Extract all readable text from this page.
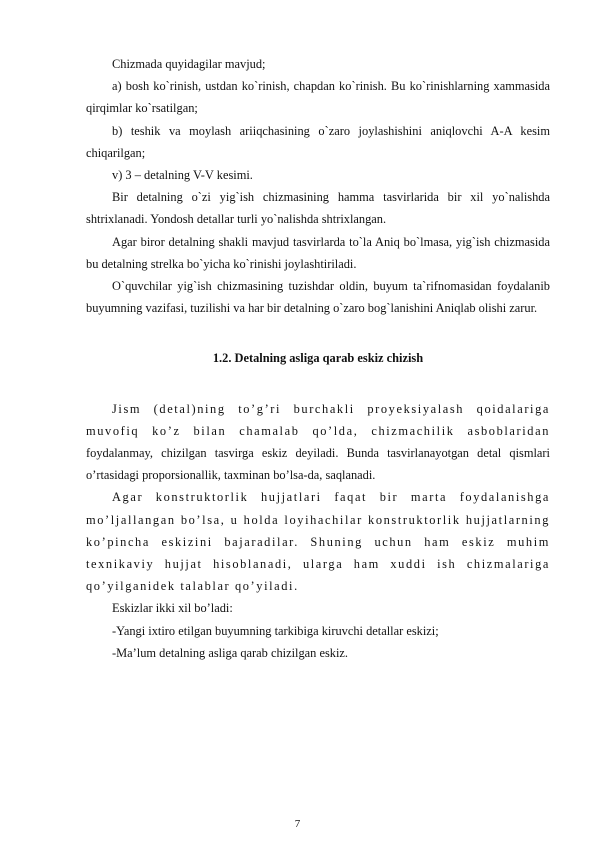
Chizmada quyidagilar mavjud;

a) bosh ko`rinish, ustdan ko`rinish, chapdan ko`rinish. Bu ko`rinishlarning xammasida qirqimlar ko`rsatilgan;

b) teshik va moylash ariiqchasining o`zaro joylashishini aniqlovchi A-A kesim chiqarilgan;

v) 3 – detalning V-V kesimi.

Bir detalning o`zi yig`ish chizmasining hamma tasvirlarida bir xil yo`nalishda shtrixlanadi. Yondosh detallar turli yo`nalishda shtrixlangan.

Agar biror detalning shakli mavjud tasvirlarda to`la Aniq bo`lmasa, yig`ish chizmasida bu detalning strelka bo`yicha ko`rinishi joylashtiriladi.

O`quvchilar yig`ish chizmasining tuzishdar oldin, buyum ta`rifnomasidan foydalanib buyumning vazifasi, tuzilishi va har bir detalning o`zaro bog`lanishini Aniqlab olishi zarur.

1.2. Detalning asliga qarab eskiz chizish

Jism (detal)ning to’g’ri burchakli proyeksiyalash qoidalariga muvofiq ko’z bilan chamalab qo’lda, chizmachilik asboblaridan foydalanmay, chizilgan tasvirga eskiz deyiladi. Bunda tasvirlanayotgan detal qismlari o’rtasidagi proporsionallik, taxminan bo’lsa-da, saqlanadi.

Agar konstruktorlik hujjatlari faqat bir marta foydalanishga mo’ljallangan bo’lsa, u holda loyihachilar konstruktorlik hujjatlarning ko’pincha eskizini bajaradilar. Shuning uchun ham eskiz muhim texnikaviy hujjat hisoblanadi, ularga ham xuddi ish chizmalariga qo’yilganidek talablar qo’yiladi.

Eskizlar ikki xil bo’ladi:

-Yangi ixtiro etilgan buyumning tarkibiga kiruvchi detallar eskizi;

-Ma’lum detalning asliga qarab chizilgan eskiz.

7
